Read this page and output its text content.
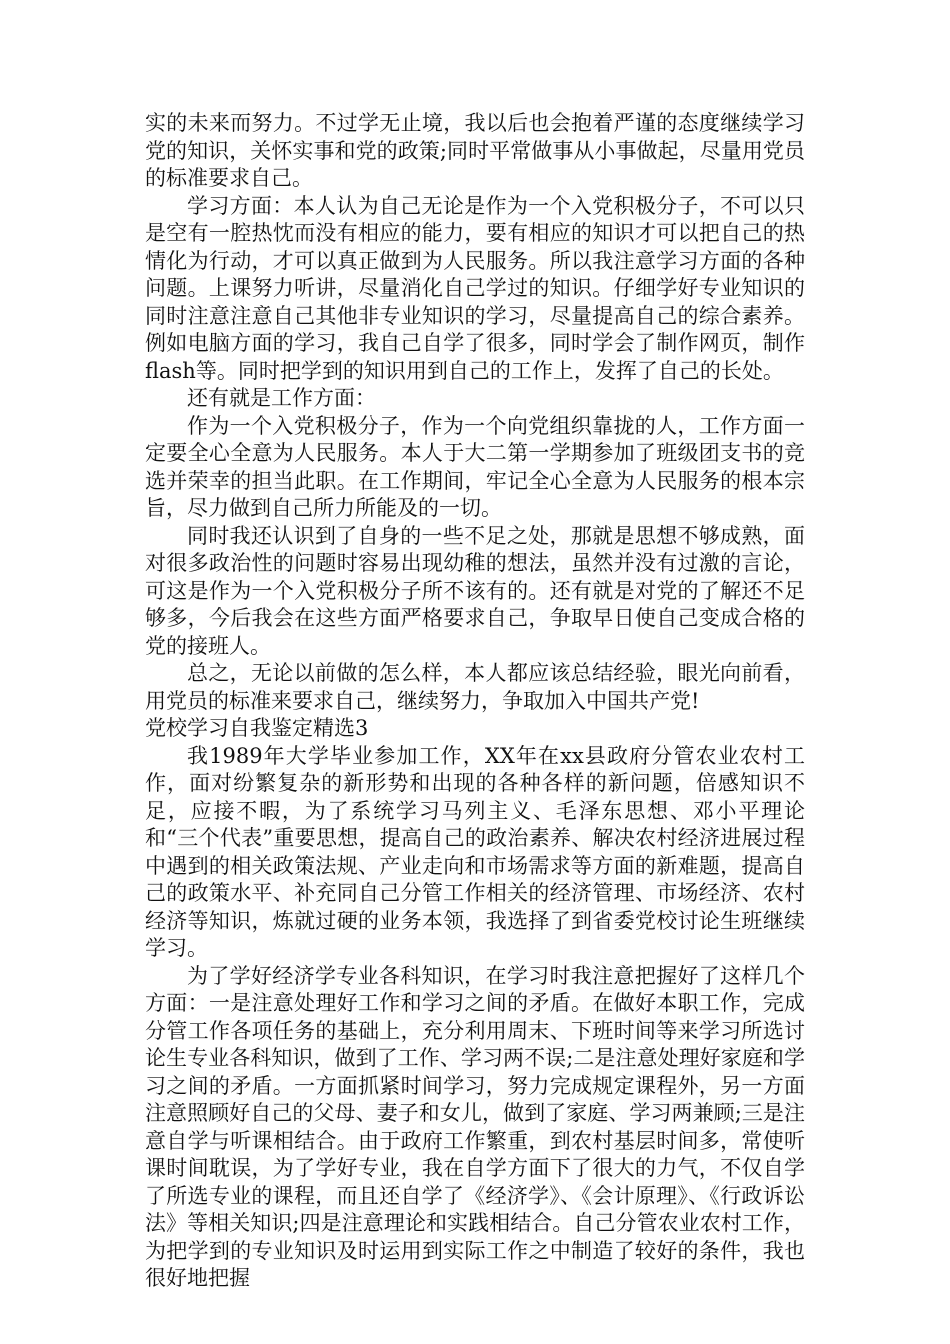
实的未来而努力。不过学无止境，我以后也会抱着严谨的态度继续学习党的知识，关怀实事和党的政策;同时平常做事从小事做起，尽量用党员的标准要求自己。

学习方面：本人认为自己无论是作为一个入党积极分子，不可以只是空有一腔热忱而没有相应的能力，要有相应的知识才可以把自己的热情化为行动，才可以真正做到为人民服务。所以我注意学习方面的各种问题。上课努力听讲，尽量消化自己学过的知识。仔细学好专业知识的同时注意注意自己其他非专业知识的学习，尽量提高自己的综合素养。例如电脑方面的学习，我自己自学了很多，同时学会了制作网页，制作flash等。同时把学到的知识用到自己的工作上，发挥了自己的长处。

还有就是工作方面：

作为一个入党积极分子，作为一个向党组织靠拢的人，工作方面一定要全心全意为人民服务。本人于大二第一学期参加了班级团支书的竞选并荣幸的担当此职。在工作期间，牢记全心全意为人民服务的根本宗旨，尽力做到自己所力所能及的一切。

同时我还认识到了自身的一些不足之处，那就是思想不够成熟，面对很多政治性的问题时容易出现幼稚的想法，虽然并没有过激的言论，可这是作为一个入党积极分子所不该有的。还有就是对党的了解还不足够多，今后我会在这些方面严格要求自己，争取早日使自己变成合格的党的接班人。

总之，无论以前做的怎么样，本人都应该总结经验，眼光向前看，用党员的标准来要求自己，继续努力，争取加入中国共产党!

党校学习自我鉴定精选3

我1989年大学毕业参加工作，XX年在xx县政府分管农业农村工作，面对纷繁复杂的新形势和出现的各种各样的新问题，倍感知识不足，应接不暇，为了系统学习马列主义、毛泽东思想、邓小平理论和“三个代表”重要思想，提高自己的政治素养、解决农村经济进展过程中遇到的相关政策法规、产业走向和市场需求等方面的新难题，提高自己的政策水平、补充同自己分管工作相关的经济管理、市场经济、农村经济等知识，炼就过硬的业务本领，我选择了到省委党校讨论生班继续学习。

为了学好经济学专业各科知识，在学习时我注意把握好了这样几个方面：一是注意处理好工作和学习之间的矛盾。在做好本职工作，完成分管工作各项任务的基础上，充分利用周末、下班时间等来学习所选讨论生专业各科知识，做到了工作、学习两不误;二是注意处理好家庭和学习之间的矛盾。一方面抓紧时间学习，努力完成规定课程外，另一方面注意照顾好自己的父母、妻子和女儿，做到了家庭、学习两兼顾;三是注意自学与听课相结合。由于政府工作繁重，到农村基层时间多，常使听课时间耽误，为了学好专业，我在自学方面下了很大的力气，不仅自学了所选专业的课程，而且还自学了《经济学》、《会计原理》、《行政诉讼法》等相关知识;四是注意理论和实践相结合。自己分管农业农村工作，为把学到的专业知识及时运用到实际工作之中制造了较好的条件，我也很好地把握
